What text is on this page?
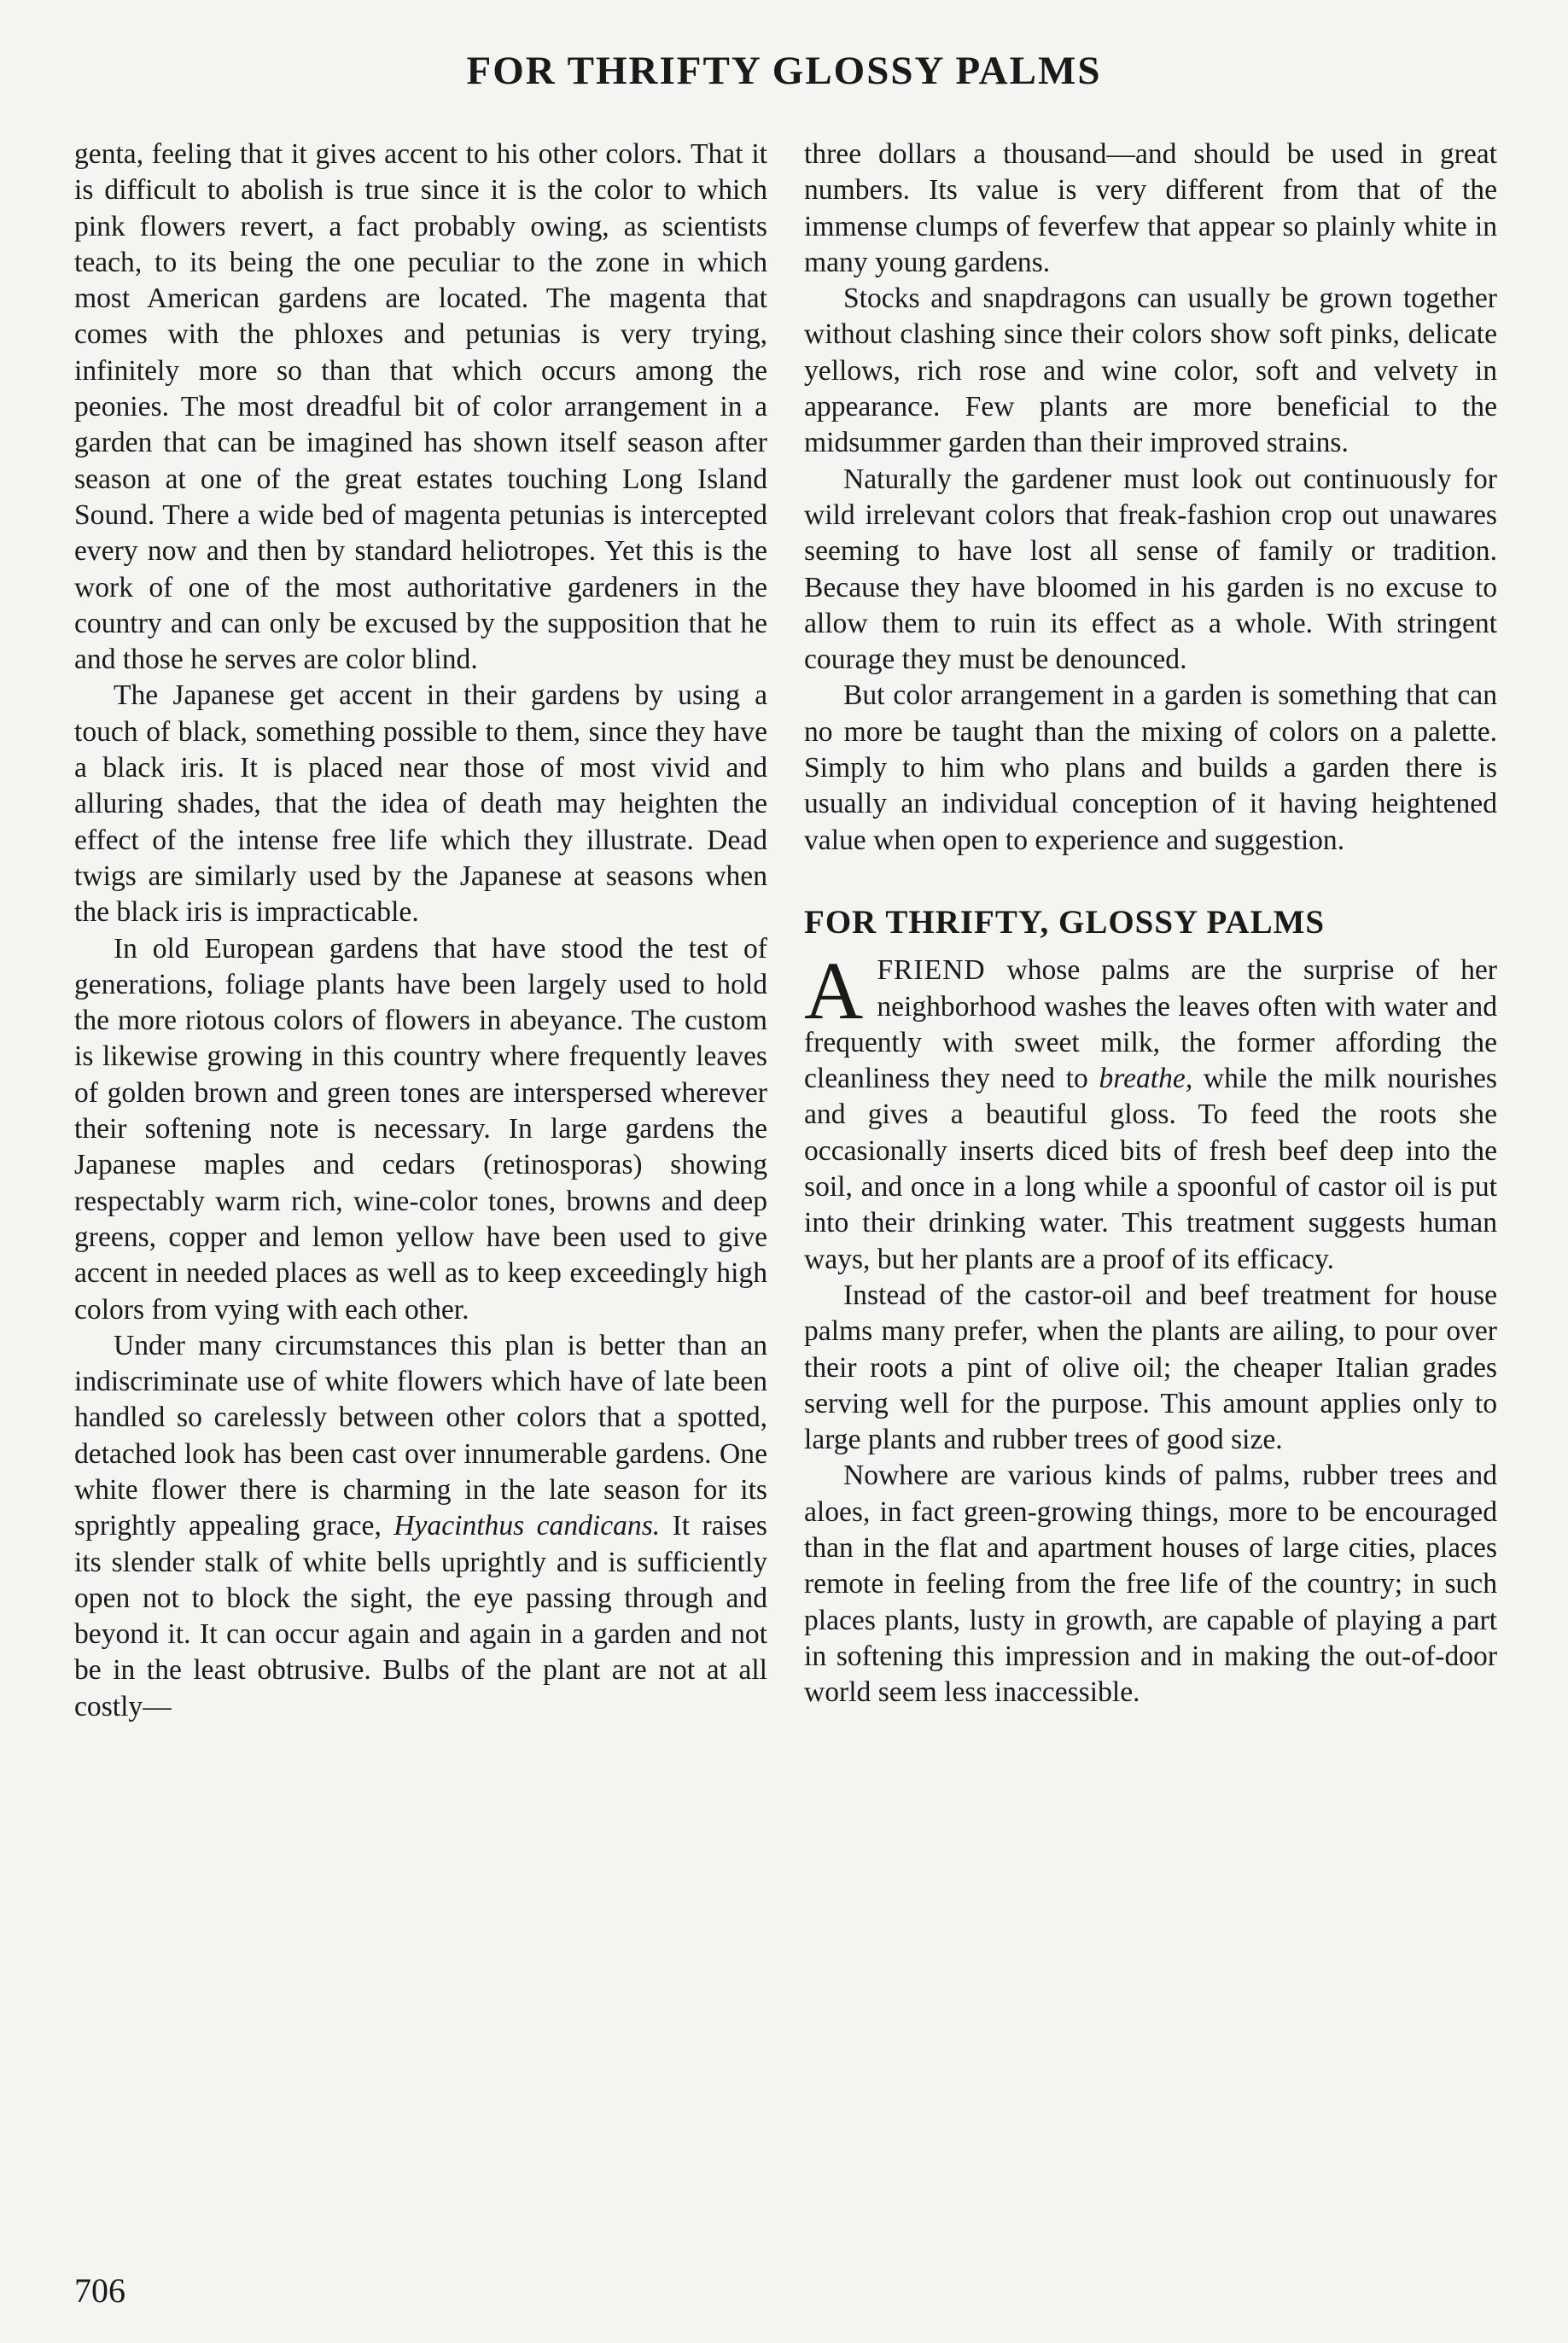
FOR THRIFTY GLOSSY PALMS

genta, feeling that it gives accent to his other colors. That it is difficult to abolish is true since it is the color to which pink flowers revert, a fact probably owing, as scientists teach, to its being the one peculiar to the zone in which most American gardens are located. The magenta that comes with the phloxes and petunias is very trying, infinitely more so than that which occurs among the peonies. The most dreadful bit of color arrangement in a garden that can be imagined has shown itself season after season at one of the great estates touching Long Island Sound. There a wide bed of magenta petunias is intercepted every now and then by standard heliotropes. Yet this is the work of one of the most authoritative gardeners in the country and can only be excused by the supposition that he and those he serves are color blind.

The Japanese get accent in their gardens by using a touch of black, something possible to them, since they have a black iris. It is placed near those of most vivid and alluring shades, that the idea of death may heighten the effect of the intense free life which they illustrate. Dead twigs are similarly used by the Japanese at seasons when the black iris is impracticable.

In old European gardens that have stood the test of generations, foliage plants have been largely used to hold the more riotous colors of flowers in abeyance. The custom is likewise growing in this country where frequently leaves of golden brown and green tones are interspersed wherever their softening note is necessary. In large gardens the Japanese maples and cedars (retinosporas) showing respectably warm rich, wine-color tones, browns and deep greens, copper and lemon yellow have been used to give accent in needed places as well as to keep exceedingly high colors from vying with each other.

Under many circumstances this plan is better than an indiscriminate use of white flowers which have of late been handled so carelessly between other colors that a spotted, detached look has been cast over innumerable gardens. One white flower there is charming in the late season for its sprightly appealing grace, Hyacinthus candicans. It raises its slender stalk of white bells uprightly and is sufficiently open not to block the sight, the eye passing through and beyond it. It can occur again and again in a garden and not be in the least obtrusive. Bulbs of the plant are not at all costly—

three dollars a thousand—and should be used in great numbers. Its value is very different from that of the immense clumps of feverfew that appear so plainly white in many young gardens.

Stocks and snapdragons can usually be grown together without clashing since their colors show soft pinks, delicate yellows, rich rose and wine color, soft and velvety in appearance. Few plants are more beneficial to the midsummer garden than their improved strains.

Naturally the gardener must look out continuously for wild irrelevant colors that freak-fashion crop out unawares seeming to have lost all sense of family or tradition. Because they have bloomed in his garden is no excuse to allow them to ruin its effect as a whole. With stringent courage they must be denounced.

But color arrangement in a garden is something that can no more be taught than the mixing of colors on a palette. Simply to him who plans and builds a garden there is usually an individual conception of it having heightened value when open to experience and suggestion.

FOR THRIFTY, GLOSSY PALMS

AFRIEND whose palms are the surprise of her neighborhood washes the leaves often with water and frequently with sweet milk, the former affording the cleanliness they need to breathe, while the milk nourishes and gives a beautiful gloss. To feed the roots she occasionally inserts diced bits of fresh beef deep into the soil, and once in a long while a spoonful of castor oil is put into their drinking water. This treatment suggests human ways, but her plants are a proof of its efficacy.

Instead of the castor-oil and beef treatment for house palms many prefer, when the plants are ailing, to pour over their roots a pint of olive oil; the cheaper Italian grades serving well for the purpose. This amount applies only to large plants and rubber trees of good size.

Nowhere are various kinds of palms, rubber trees and aloes, in fact green-growing things, more to be encouraged than in the flat and apartment houses of large cities, places remote in feeling from the free life of the country; in such places plants, lusty in growth, are capable of playing a part in softening this impression and in making the out-of-door world seem less inaccessible.

706
